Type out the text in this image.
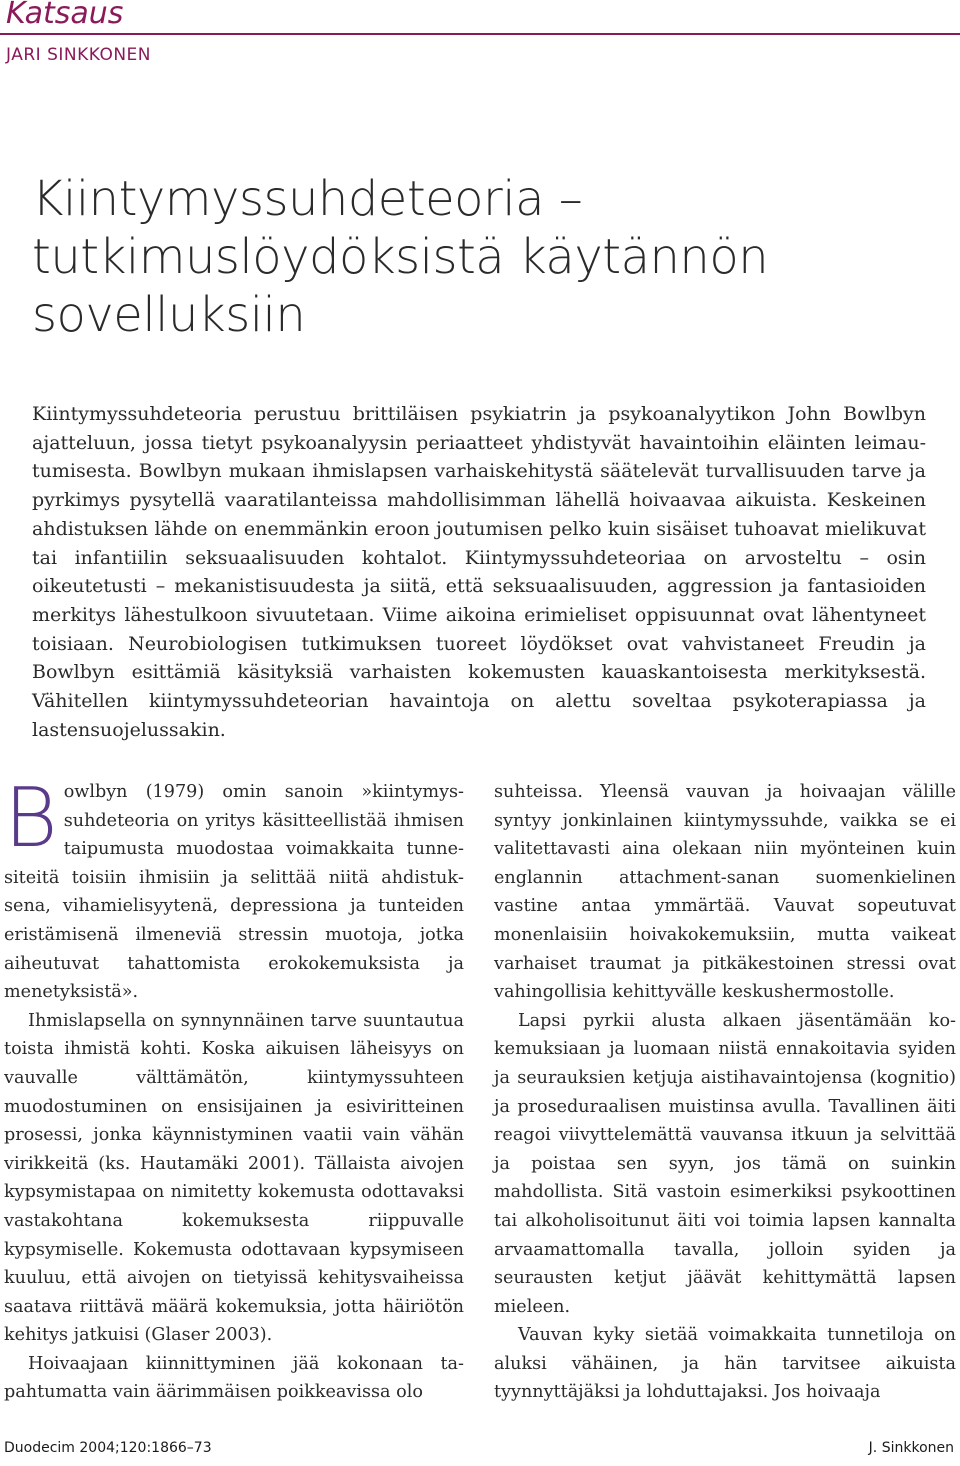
Katsaus
JARI SINKKONEN
Kiintymyssuhdeteoria –
tutkimuslöydöksistä käytännön
sovelluksiin
Kiintymyssuhdeteoria perustuu brittiläisen psykiatrin ja psykoanalyytikon John Bowlbyn ajatteluun, jossa tietyt psykoanalyysin periaatteet yhdistyvät havaintoihin eläinten leimautumisesta. Bowlbyn mukaan ihmislapsen varhaiskehitystä säätelevät turvallisuuden tarve ja pyrkimys pysytellä vaaratilanteissa mahdollisimman lähellä hoivaavaa aikuista. Keskeinen ahdistuksen lähde on enemmänkin eroon joutumisen pelko kuin sisäiset tuhoavat mielikuvat tai infantiilin seksuaalisuuden kohtalot. Kiintymyssuhdeteoriaa on arvosteltu – osin oikeutetusti – mekanistisuudesta ja siitä, että seksuaalisuuden, aggression ja fantasioiden merkitys lähestulkoon sivuutetaan. Viime aikoina erimieliset oppisuunnat ovat lähentyneet toisiaan. Neurobiologisen tutkimuksen tuoreet löydökset ovat vahvistaneet Freudin ja Bowlbyn esittämiä käsityksiä varhaisten kokemusten kauaskantoisesta merkityksestä. Vähitellen kiintymyssuhdeteorian havaintoja on alettu soveltaa psykoterapiassa ja lastensuojelussakin.

Bowlbyn (1979) omin sanoin »kiintymyssuhdeteoria on yritys käsitteellistää ihmisen taipumusta muodostaa voimakkaita tunnesiteitä toisiin ihmisiin ja selittää niitä ahdistuksena, vihamielisyytenä, depressiona ja tunteiden eristämisenä ilmeneviä stressin muotoja, jotka aiheutuvat tahattomista erokokemuksista ja menetyksistä».

Ihmislapsella on synnynnäinen tarve suuntautua toista ihmistä kohti. Koska aikuisen läheisyys on vauvalle välttämätön, kiintymyssuhteen muodostuminen on ensisijainen ja esiviritteinen prosessi, jonka käynnistyminen vaatii vain vähän virikkeitä (ks. Hautamäki 2001). Tällaista aivojen kypsymistapaa on nimitetty kokemusta odottavaksi vastakohtana kokemuksesta riippuvalle kypsymiselle. Kokemusta odottavaan kypsymiseen kuuluu, että aivojen on tietyissä kehitysvaiheissa saatava riittävä määrä kokemuksia, jotta häiriötön kehitys jatkuisi (Glaser 2003).

Hoivaajaan kiinnittyminen jää kokonaan tapahtumatta vain äärimmäisen poikkeavissa olo

suhteissa. Yleensä vauvan ja hoivaajan välille syntyy jonkinlainen kiintymyssuhde, vaikka se ei valitettavasti aina olekaan niin myönteinen kuin englannin attachment-sanan suomenkielinen vastine antaa ymmärtää. Vauvat sopeutuvat monenlaisiin hoivakokemuksiin, mutta vaikeat varhaiset traumat ja pitkäkestoinen stressi ovat vahingollisia kehittyvälle keskushermostolle.

Lapsi pyrkii alusta alkaen jäsentämään kokemuksiaan ja luomaan niistä ennakoitavia syiden ja seurauksien ketjuja aistihavaintojensa (kognitio) ja proseduraalisen muistinsa avulla. Tavallinen äiti reagoi viivyttelemättä vauvansa itkuun ja selvittää ja poistaa sen syyn, jos tämä on suinkin mahdollista. Sitä vastoin esimerkiksi psykoottinen tai alkoholisoitunut äiti voi toimia lapsen kannalta arvaamattomalla tavalla, jolloin syiden ja seurausten ketjut jäävät kehittymättä lapsen mieleen.

Vauvan kyky sietää voimakkaita tunnetiloja on aluksi vähäinen, ja hän tarvitsee aikuista tyynnyttäjäksi ja lohduttajaksi. Jos hoivaaja

Duodecim 2004;120:1866–73	J. Sinkkonen
